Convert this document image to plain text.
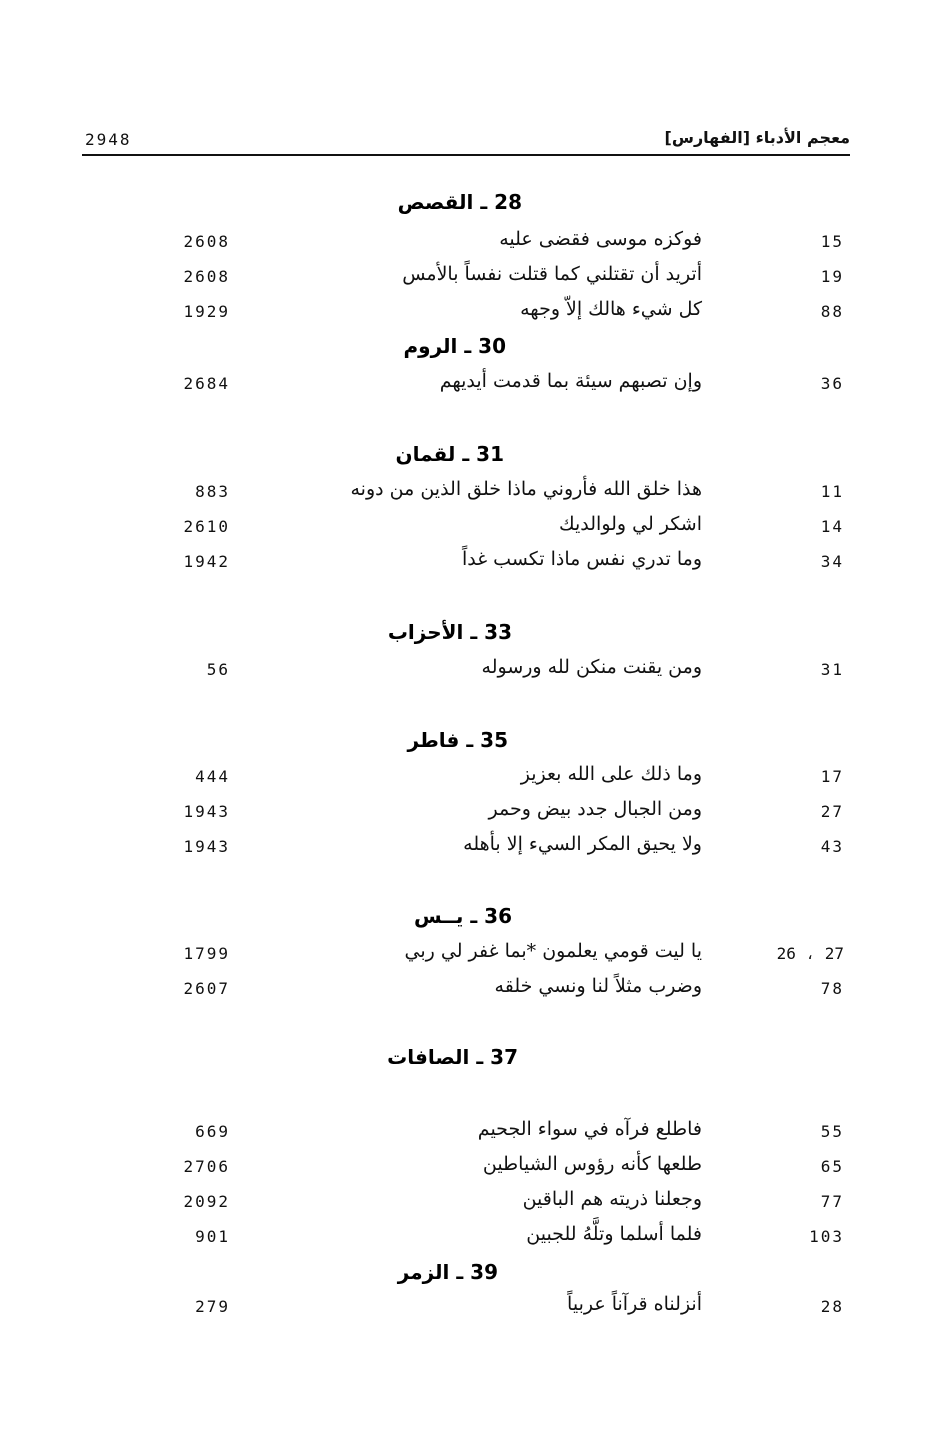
2948	معجم الأدباء [الفهارس]
28 ـ القصص
15
فوكزه موسى فقضى عليه
2608
19
أتريد أن تقتلني كما قتلت نفساً بالأمس
2608
88
كل شيء هالك إلاّ وجهه
1929
30 ـ الروم
36
وإن تصبهم سيئة بما قدمت أيديهم
2684
31 ـ لقمان
11
هذا خلق الله فأروني ماذا خلق الذين من دونه
883
14
اشكر لي ولوالديك
2610
34
وما تدري نفس ماذا تكسب غداً
1942
33 ـ الأحزاب
31
ومن يقنت منكن لله ورسوله
56
35 ـ فاطر
17
وما ذلك على الله بعزيز
444
27
ومن الجبال جدد بيض وحمر
1943
43
ولا يحيق المكر السيء إلا بأهله
1943
36 ـ يــس
26 ، 27
يا ليت قومي يعلمون *بما غفر لي ربي
1799
78
وضرب مثلاً لنا ونسي خلقه
2607
37 ـ الصافات
55
فاطلع فرآه في سواء الجحيم
669
65
طلعها كأنه رؤوس الشياطين
2706
77
وجعلنا ذريته هم الباقين
2092
103
فلما أسلما وتلَّهُ للجبين
901
39 ـ الزمر
28
أنزلناه قرآناً عربياً
279
